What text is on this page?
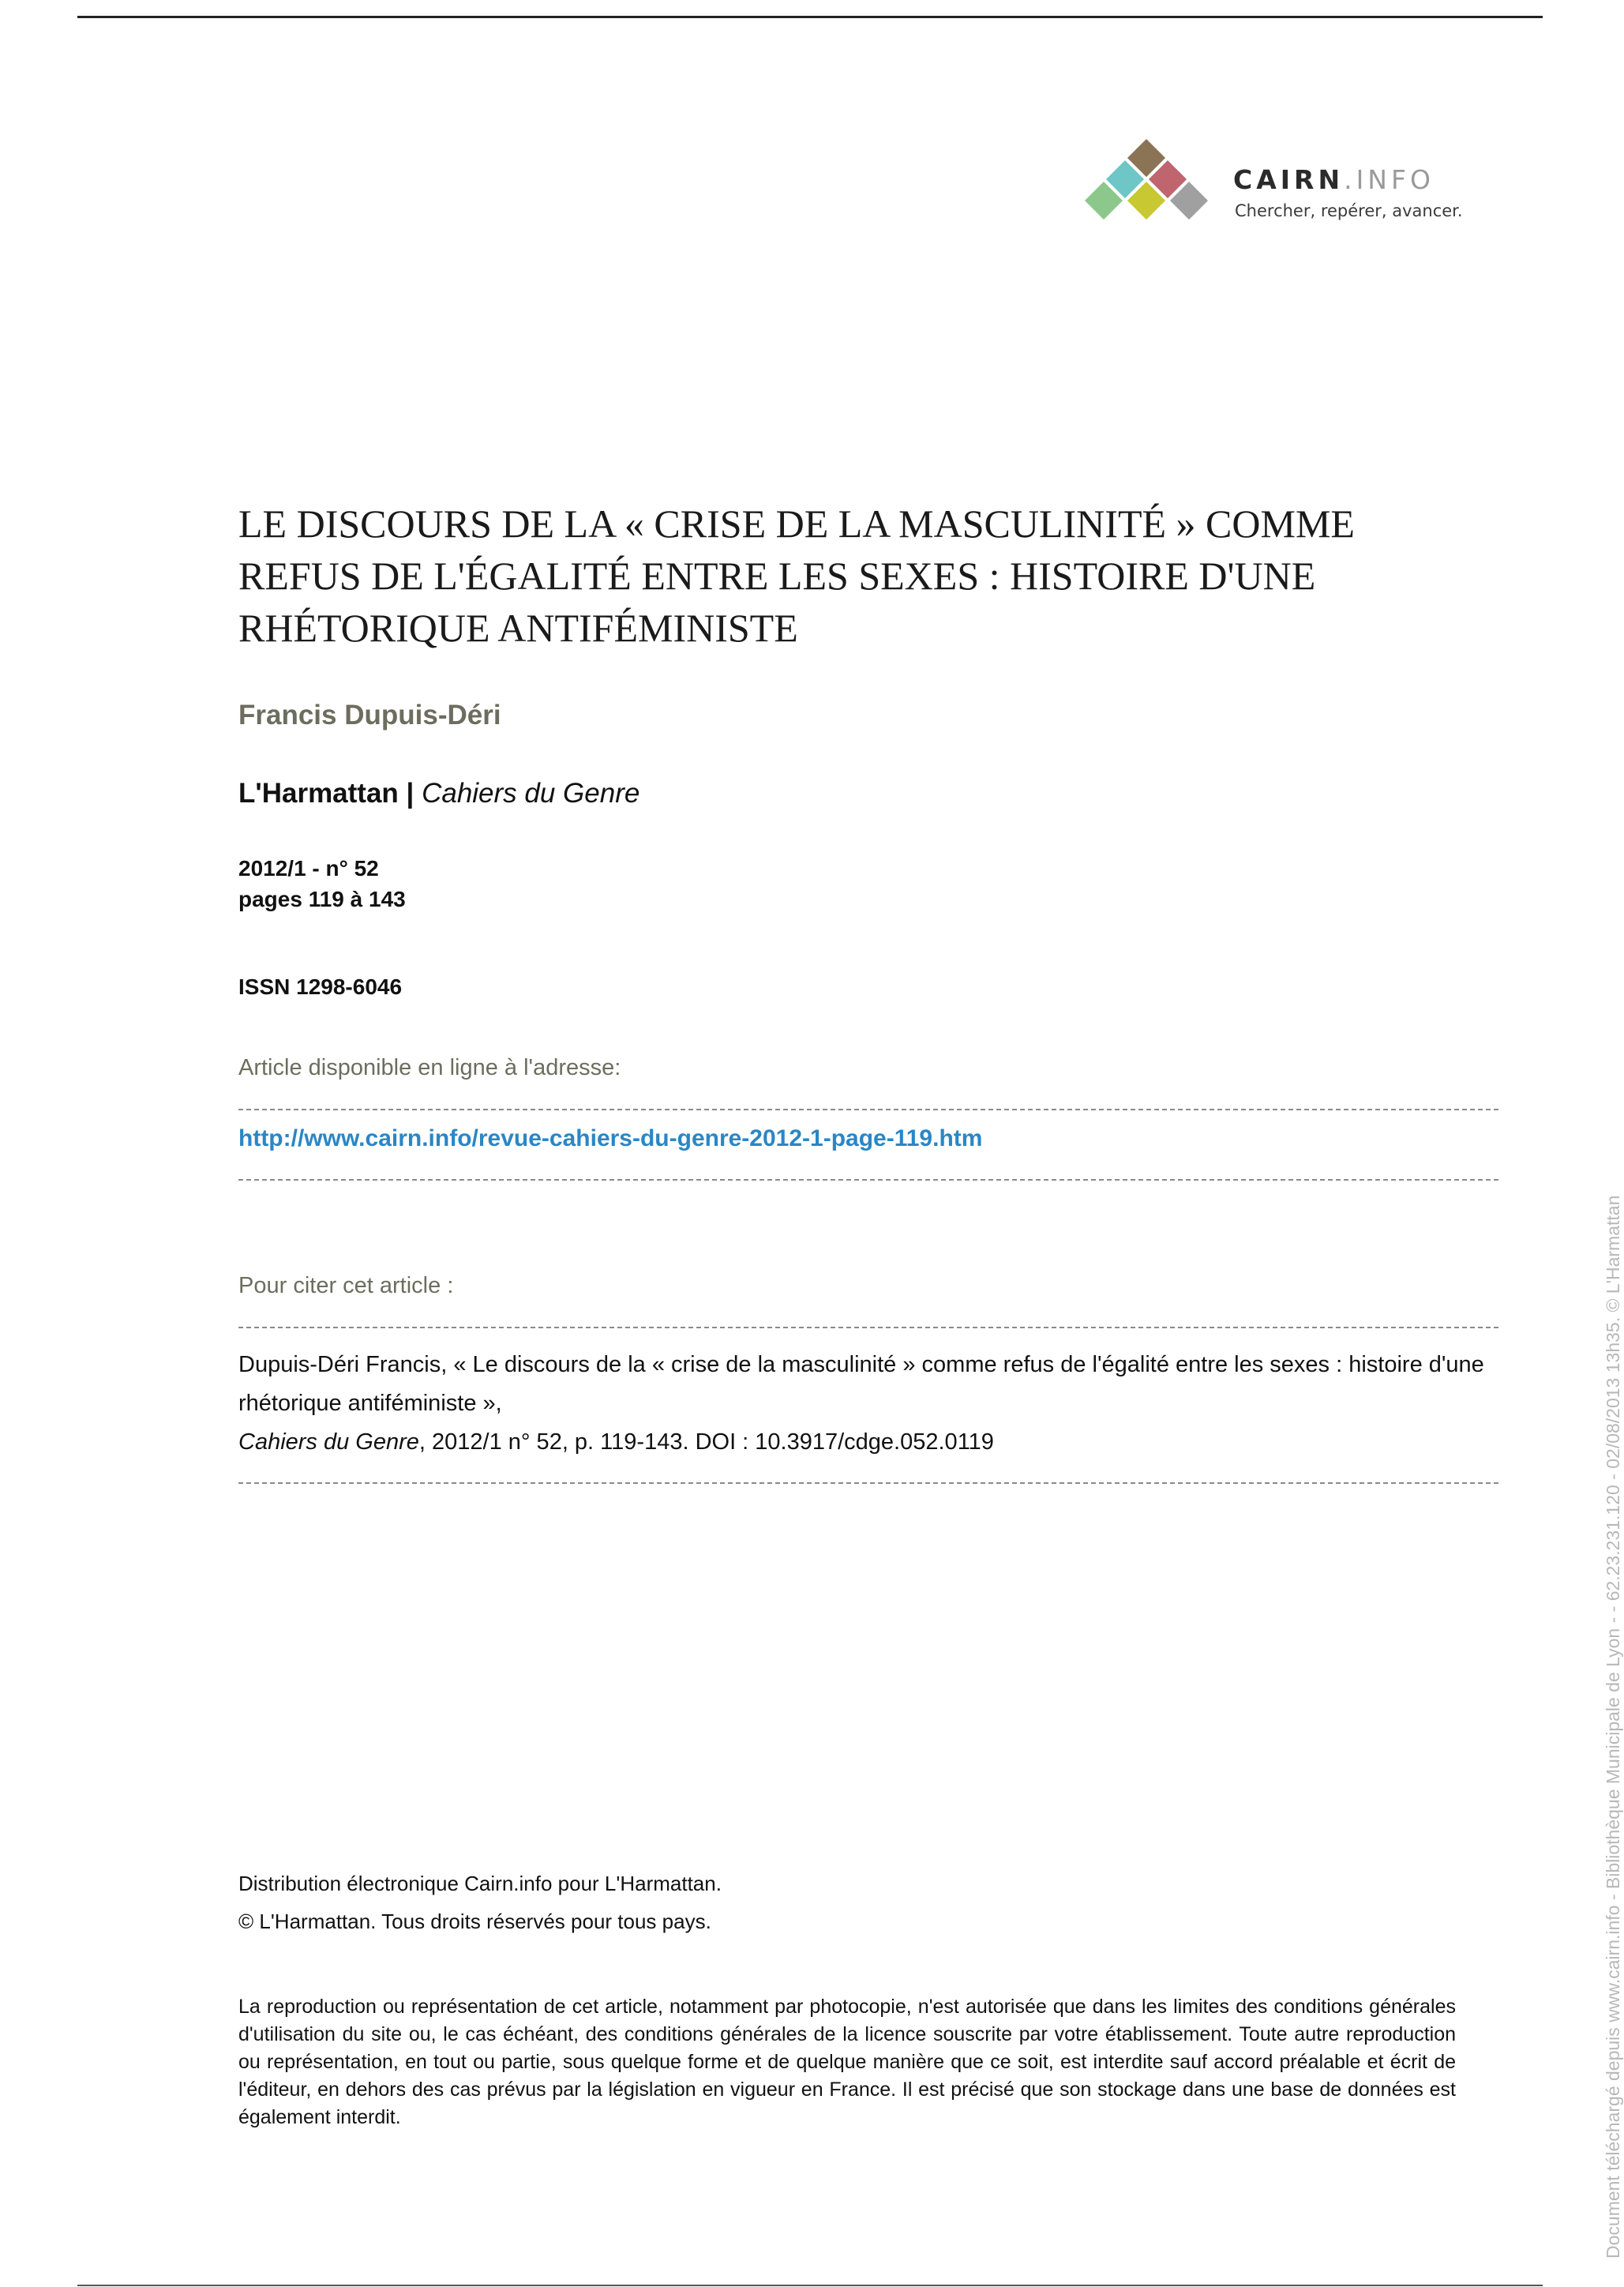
CAIRN.INFO
Chercher, repérer, avancer.
LE DISCOURS DE LA « CRISE DE LA MASCULINITÉ » COMME REFUS DE L'ÉGALITÉ ENTRE LES SEXES : HISTOIRE D'UNE RHÉTORIQUE ANTIFÉMINISTE
Francis Dupuis-Déri
L'Harmattan | Cahiers du Genre
2012/1 - n° 52
pages 119 à 143
ISSN 1298-6046
Article disponible en ligne à l'adresse:
http://www.cairn.info/revue-cahiers-du-genre-2012-1-page-119.htm
Pour citer cet article :
Dupuis-Déri Francis, « Le discours de la « crise de la masculinité » comme refus de l'égalité entre les sexes : histoire d'une rhétorique antiféministe »,
Cahiers du Genre, 2012/1 n° 52, p. 119-143. DOI : 10.3917/cdge.052.0119
Distribution électronique Cairn.info pour L'Harmattan.
© L'Harmattan. Tous droits réservés pour tous pays.

La reproduction ou représentation de cet article, notamment par photocopie, n'est autorisée que dans les limites des conditions générales d'utilisation du site ou, le cas échéant, des conditions générales de la licence souscrite par votre établissement. Toute autre reproduction ou représentation, en tout ou partie, sous quelque forme et de quelque manière que ce soit, est interdite sauf accord préalable et écrit de l'éditeur, en dehors des cas prévus par la législation en vigueur en France. Il est précisé que son stockage dans une base de données est également interdit.	Document téléchargé depuis www.cairn.info - Bibliothèque Municipale de Lyon - - 62.23.231.120 - 02/08/2013 13h35. © L'Harmattan
